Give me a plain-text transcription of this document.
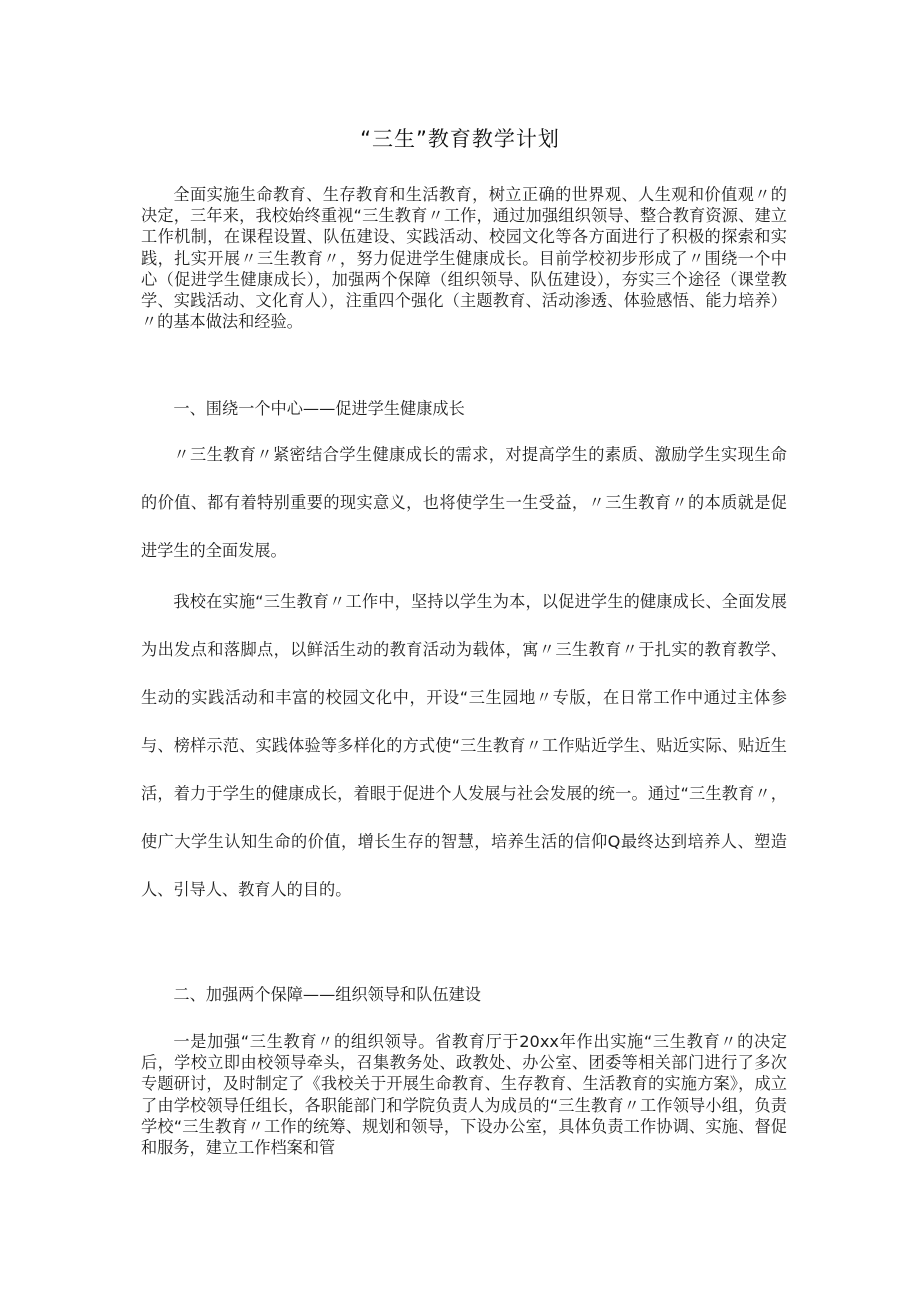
“三生”教育教学计划

全面实施生命教育、生存教育和生活教育，树立正确的世界观、人生观和价值观〃的决定，三年来，我校始终重视“三生教育〃工作，通过加强组织领导、整合教育资源、建立工作机制，在课程设置、队伍建设、实践活动、校园文化等各方面进行了积极的探索和实践，扎实开展〃三生教育〃，努力促进学生健康成长。目前学校初步形成了〃围绕一个中心（促进学生健康成长），加强两个保障（组织领导、队伍建设），夯实三个途径（课堂教学、实践活动、文化育人），注重四个强化（主题教育、活动渗透、体验感悟、能力培养）〃的基本做法和经验。

一、围绕一个中心——促进学生健康成长

〃三生教育〃紧密结合学生健康成长的需求，对提高学生的素质、激励学生实现生命的价值、都有着特别重要的现实意义，也将使学生一生受益，〃三生教育〃的本质就是促进学生的全面发展。

我校在实施“三生教育〃工作中，坚持以学生为本，以促进学生的健康成长、全面发展为出发点和落脚点，以鲜活生动的教育活动为载体，寓〃三生教育〃于扎实的教育教学、生动的实践活动和丰富的校园文化中，开设“三生园地〃专版，在日常工作中通过主体参与、榜样示范、实践体验等多样化的方式使“三生教育〃工作贴近学生、贴近实际、贴近生活，着力于学生的健康成长，着眼于促进个人发展与社会发展的统一。通过“三生教育〃，使广大学生认知生命的价值，增长生存的智慧，培养生活的信仰Q最终达到培养人、塑造人、引导人、教育人的目的。

二、加强两个保障——组织领导和队伍建设

一是加强“三生教育〃的组织领导。省教育厅于20xx年作出实施“三生教育〃的决定后，学校立即由校领导牵头，召集教务处、政教处、办公室、团委等相关部门进行了多次专题研讨，及时制定了《我校关于开展生命教育、生存教育、生活教育的实施方案》，成立了由学校领导任组长，各职能部门和学院负责人为成员的“三生教育〃工作领导小组，负责学校“三生教育〃工作的统筹、规划和领导，下设办公室，具体负责工作协调、实施、督促和服务，建立工作档案和管
